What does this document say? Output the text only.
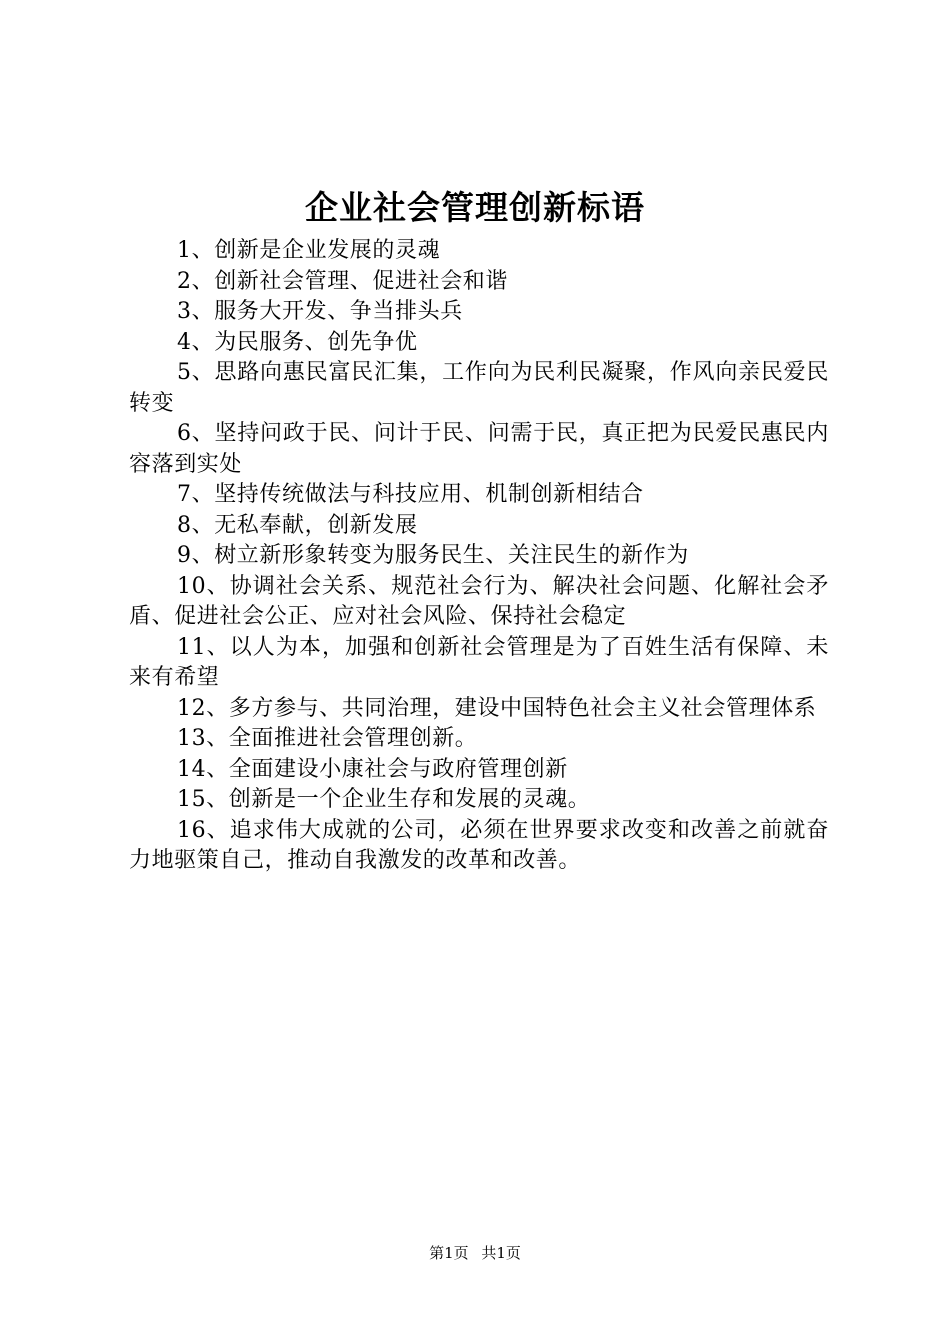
企业社会管理创新标语

1、创新是企业发展的灵魂

2、创新社会管理、促进社会和谐

3、服务大开发、争当排头兵

4、为民服务、创先争优

5、思路向惠民富民汇集，工作向为民利民凝聚，作风向亲民爱民转变

6、坚持问政于民、问计于民、问需于民，真正把为民爱民惠民内容落到实处

7、坚持传统做法与科技应用、机制创新相结合

8、无私奉献，创新发展

9、树立新形象转变为服务民生、关注民生的新作为

10、协调社会关系、规范社会行为、解决社会问题、化解社会矛盾、促进社会公正、应对社会风险、保持社会稳定

11、以人为本，加强和创新社会管理是为了百姓生活有保障、未来有希望

12、多方参与、共同治理，建设中国特色社会主义社会管理体系

13、全面推进社会管理创新。

14、全面建设小康社会与政府管理创新

15、创新是一个企业生存和发展的灵魂。

16、追求伟大成就的公司，必须在世界要求改变和改善之前就奋力地驱策自己，推动自我激发的改革和改善。

第1页 共1页
